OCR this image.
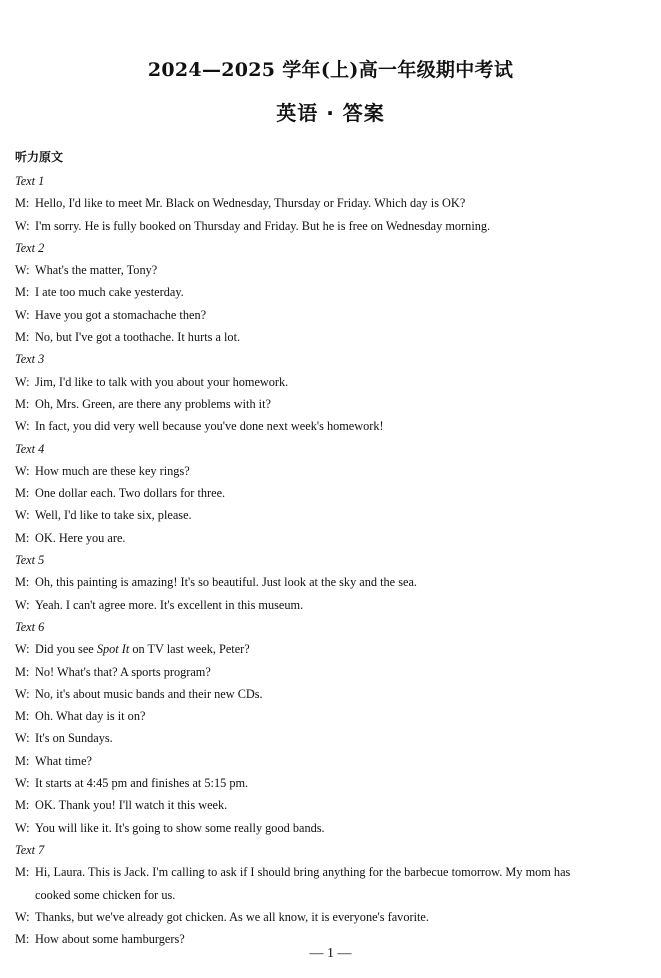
2024—2025 学年(上)高一年级期中考试
英语 · 答案
听力原文
Text 1
M: Hello, I'd like to meet Mr. Black on Wednesday, Thursday or Friday. Which day is OK?
W: I'm sorry. He is fully booked on Thursday and Friday. But he is free on Wednesday morning.
Text 2
W: What's the matter, Tony?
M: I ate too much cake yesterday.
W: Have you got a stomachache then?
M: No, but I've got a toothache. It hurts a lot.
Text 3
W: Jim, I'd like to talk with you about your homework.
M: Oh, Mrs. Green, are there any problems with it?
W: In fact, you did very well because you've done next week's homework!
Text 4
W: How much are these key rings?
M: One dollar each. Two dollars for three.
W: Well, I'd like to take six, please.
M: OK. Here you are.
Text 5
M: Oh, this painting is amazing! It's so beautiful. Just look at the sky and the sea.
W: Yeah. I can't agree more. It's excellent in this museum.
Text 6
W: Did you see Spot It on TV last week, Peter?
M: No! What's that? A sports program?
W: No, it's about music bands and their new CDs.
M: Oh. What day is it on?
W: It's on Sundays.
M: What time?
W: It starts at 4:45 pm and finishes at 5:15 pm.
M: OK. Thank you! I'll watch it this week.
W: You will like it. It's going to show some really good bands.
Text 7
M: Hi, Laura. This is Jack. I'm calling to ask if I should bring anything for the barbecue tomorrow. My mom has
cooked some chicken for us.
W: Thanks, but we've already got chicken. As we all know, it is everyone's favorite.
M: How about some hamburgers?
— 1 —
